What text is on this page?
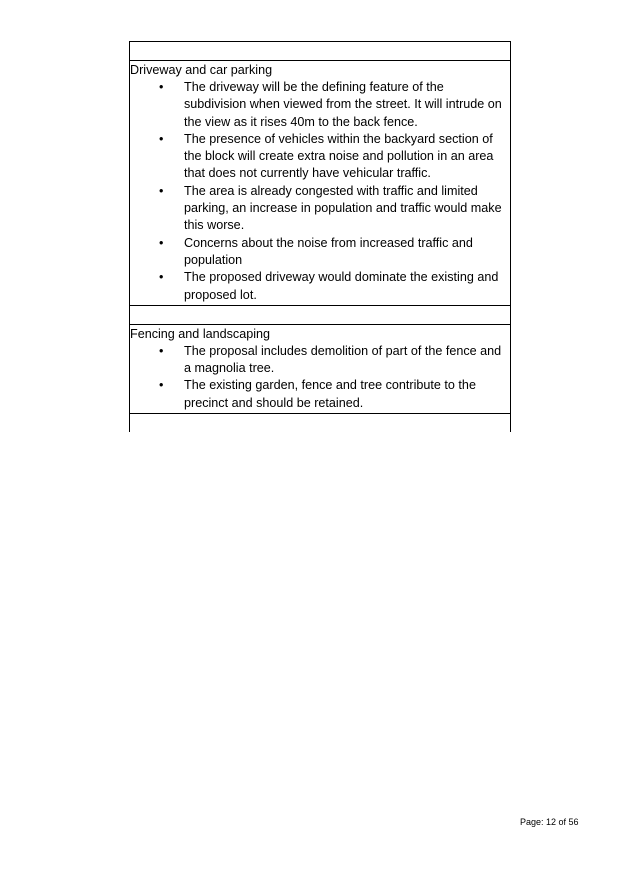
Driveway and car parking

• The driveway will be the defining feature of the subdivision when viewed from the street. It will intrude on the view as it rises 40m to the back fence.
• The presence of vehicles within the backyard section of the block will create extra noise and pollution in an area that does not currently have vehicular traffic.
• The area is already congested with traffic and limited parking, an increase in population and traffic would make this worse.
• Concerns about the noise from increased traffic and population
• The proposed driveway would dominate the existing and proposed lot.

Fencing and landscaping

• The proposal includes demolition of part of the fence and a magnolia tree.
• The existing garden, fence and tree contribute to the precinct and should be retained.
Page: 12 of 56
